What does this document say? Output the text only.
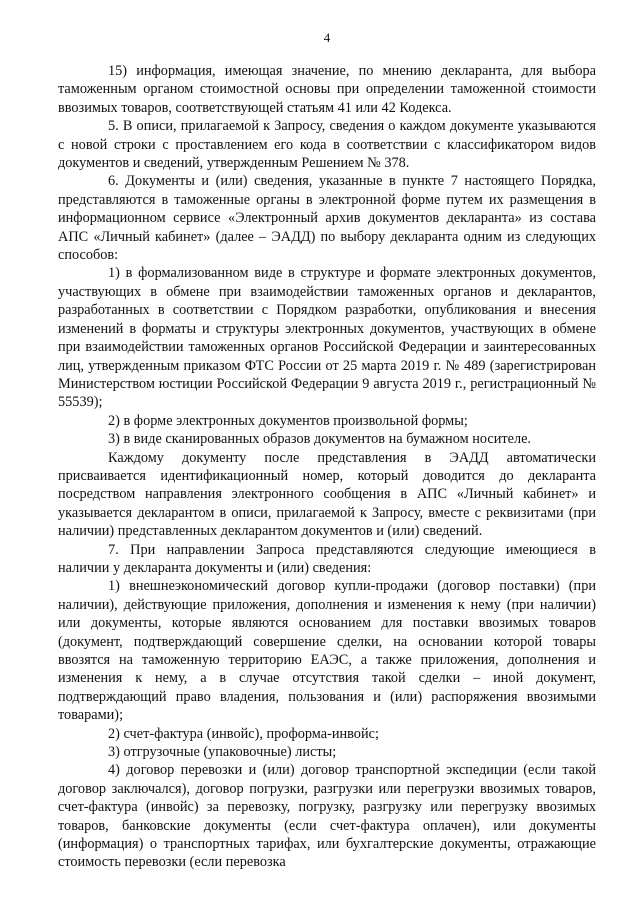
4

15) информация, имеющая значение, по мнению декларанта, для выбора таможенным органом стоимостной основы при определении таможенной стоимости ввозимых товаров, соответствующей статьям 41 или 42 Кодекса.

5. В описи, прилагаемой к Запросу, сведения о каждом документе указываются с новой строки с проставлением его кода в соответствии с классификатором видов документов и сведений, утвержденным Решением № 378.

6. Документы и (или) сведения, указанные в пункте 7 настоящего Порядка, представляются в таможенные органы в электронной форме путем их размещения в информационном сервисе «Электронный архив документов декларанта» из состава АПС «Личный кабинет» (далее – ЭАДД) по выбору декларанта одним из следующих способов:

1) в формализованном виде в структуре и формате электронных документов, участвующих в обмене при взаимодействии таможенных органов и декларантов, разработанных в соответствии с Порядком разработки, опубликования и внесения изменений в форматы и структуры электронных документов, участвующих в обмене при взаимодействии таможенных органов Российской Федерации и заинтересованных лиц, утвержденным приказом ФТС России от 25 марта 2019 г. № 489 (зарегистрирован Министерством юстиции Российской Федерации 9 августа 2019 г., регистрационный № 55539);

2) в форме электронных документов произвольной формы;

3) в виде сканированных образов документов на бумажном носителе.

Каждому документу после представления в ЭАДД автоматически присваивается идентификационный номер, который доводится до декларанта посредством направления электронного сообщения в АПС «Личный кабинет» и указывается декларантом в описи, прилагаемой к Запросу, вместе с реквизитами (при наличии) представленных декларантом документов и (или) сведений.

7. При направлении Запроса представляются следующие имеющиеся в наличии у декларанта документы и (или) сведения:

1) внешнеэкономический договор купли-продажи (договор поставки) (при наличии), действующие приложения, дополнения и изменения к нему (при наличии) или документы, которые являются основанием для поставки ввозимых товаров (документ, подтверждающий совершение сделки, на основании которой товары ввозятся на таможенную территорию ЕАЭС, а также приложения, дополнения и изменения к нему, а в случае отсутствия такой сделки – иной документ, подтверждающий право владения, пользования и (или) распоряжения ввозимыми товарами);

2) счет-фактура (инвойс), проформа-инвойс;

3) отгрузочные (упаковочные) листы;

4) договор перевозки и (или) договор транспортной экспедиции (если такой договор заключался), договор погрузки, разгрузки или перегрузки ввозимых товаров, счет-фактура (инвойс) за перевозку, погрузку, разгрузку или перегрузку ввозимых товаров, банковские документы (если счет-фактура оплачен), или документы (информация) о транспортных тарифах, или бухгалтерские документы, отражающие стоимость перевозки (если перевозка
